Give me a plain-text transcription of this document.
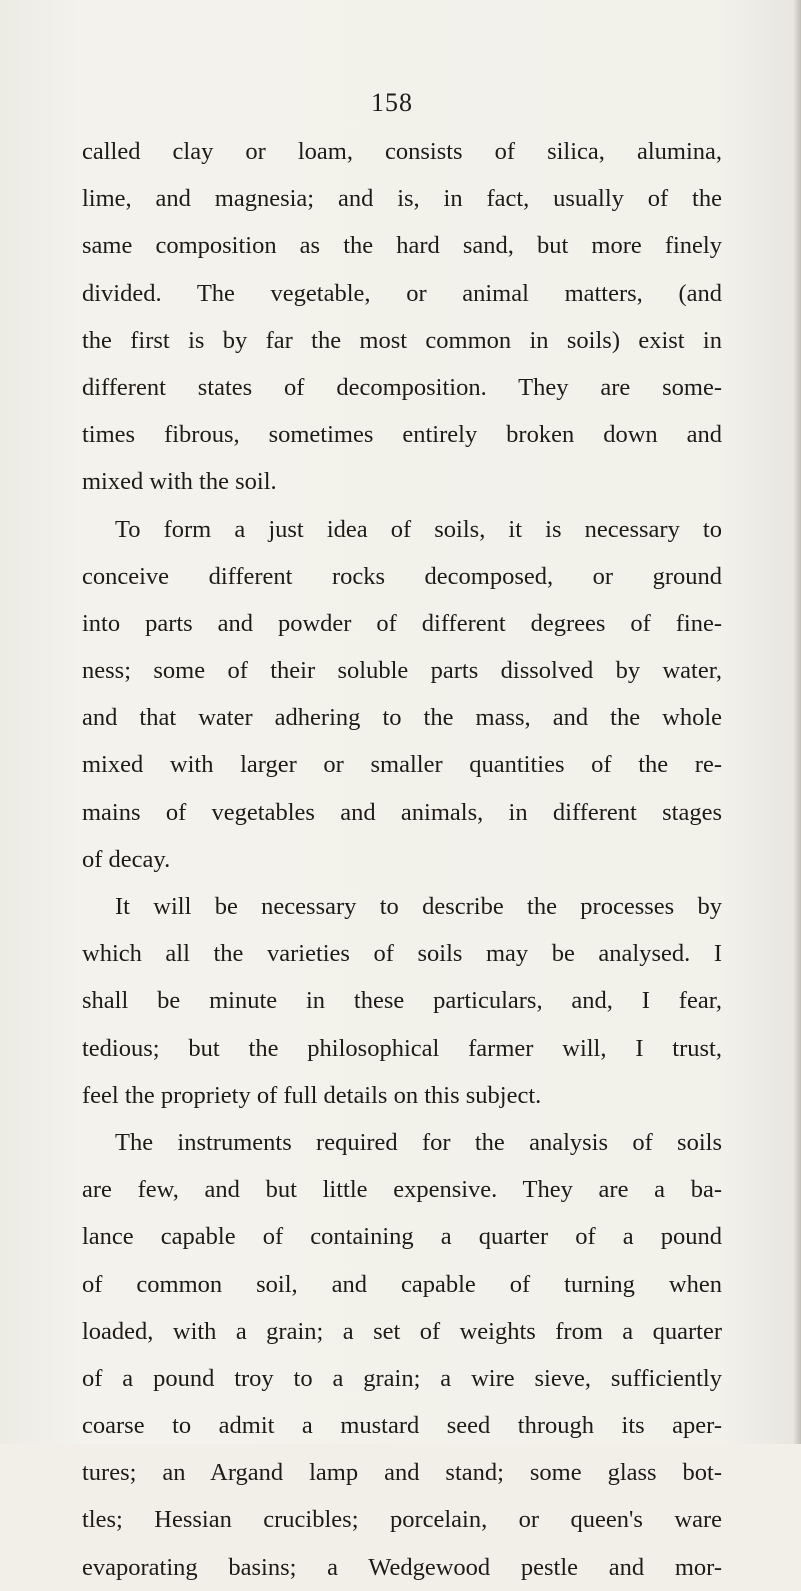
158
called clay or loam, consists of silica, alumina,
lime, and magnesia; and is, in fact, usually of the
same composition as the hard sand, but more finely
divided. The vegetable, or animal matters, (and
the first is by far the most common in soils) exist in
different states of decomposition. They are some-
times fibrous, sometimes entirely broken down and
mixed with the soil.
To form a just idea of soils, it is necessary to
conceive different rocks decomposed, or ground
into parts and powder of different degrees of fine-
ness; some of their soluble parts dissolved by water,
and that water adhering to the mass, and the whole
mixed with larger or smaller quantities of the re-
mains of vegetables and animals, in different stages
of decay.
It will be necessary to describe the processes by
which all the varieties of soils may be analysed. I
shall be minute in these particulars, and, I fear,
tedious; but the philosophical farmer will, I trust,
feel the propriety of full details on this subject.
The instruments required for the analysis of soils
are few, and but little expensive. They are a ba-
lance capable of containing a quarter of a pound
of common soil, and capable of turning when
loaded, with a grain; a set of weights from a quarter
of a pound troy to a grain; a wire sieve, sufficiently
coarse to admit a mustard seed through its aper-
tures; an Argand lamp and stand; some glass bot-
tles; Hessian crucibles; porcelain, or queen's ware
evaporating basins; a Wedgewood pestle and mor-
